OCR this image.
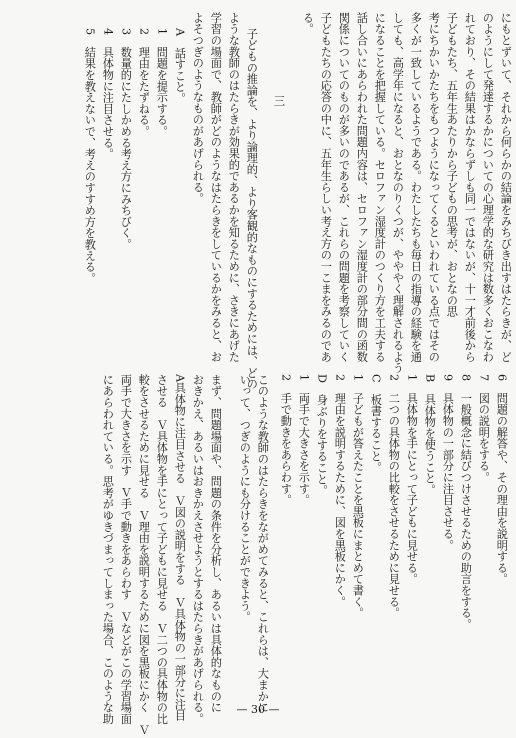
にもとずいて、それから何らかの結論をみちびき出すはたらきが、ど
のようにして発達するかについての心理学的な研究は数多くおこなわ
れており、その結果はかならずしも同一ではないが、十一才前後から
子どもたち、五年生あたりから子どもの思考が、おとなの思
考にちかいかたちをもつようになってくるといわれている点ではその
多くが一致しているようである。わたしたちも毎日の指導の経験を通
しても、高学年になると、おとなのりくつが、やややく理解されるよう
になることを把握している。セロファン湿度計のつくり方を工夫する
話し合いにあらわれた問題内容は、セロファン湿度計の部分間の函数
関係についてのものが多いのであるが、これらの問題を考察していく
子どもたちの応答の中に、五年生らしい考え方の一こまをみるのであ
る。
三
子どもの推論を、より論理的、より客観的なものにするためには、どの
ような教師のはたらきが効果的であるかを知るために、さきにあげた
学習の場面で、教師がどのようなはたらきをしているかをみると、お
よそつぎのようなものがあげられる。
A　話すこと。
1　問題を提示する。
2　理由をたずねる。
3　数量的にたしかめる考え方にみちびく。
4　具体物に注目させる。
5　結果を教えないで、考えのすすめ方を教える。
6　問題の解答や、その理由を説明する。
7　図の説明をする。
8　一般概念に結びつけさせるための助言をする。
9　具体物の一部分に注目させる。
B　具体物を使うこと。
1　具体物を手にとって子どもに見せる。
2　二つの具体物の比較をさせるために見せる。
C　板書すること。
1　子どもが答えたことを黒板にまとめて書く。
2　理由を説明するために、図を黒板にかく。
D　身ぶりをすること。
1　両手で大きさを示す。
2　手で動きをあらわす。
このような教師のはたらきをながめてみると、これらは、大まかに
いって、つぎのようにも分けることができよう。
まず、問題場面や、問題の条件を分析し、あるいは具体的なものに
おきかえ、あるいはおきかえさせようとするはたらきがあげられる。
A具体物に注目させる　Ｖ図の説明をする　Ｖ具体物の一部分に注目
させる　Ｖ具体物を手にとって子どもに見せる　Ｖ二つの具体物の比
較をさせるために見せる　Ｖ理由を説明するために図を黒板にかく　Ｖ
両手で大きさを示す　Ｖ手で動きをあらわす　Ｖなどがこの学習場面
にあらわれている。思考がゆきづまってしまった場合、このような助	— 30 —
